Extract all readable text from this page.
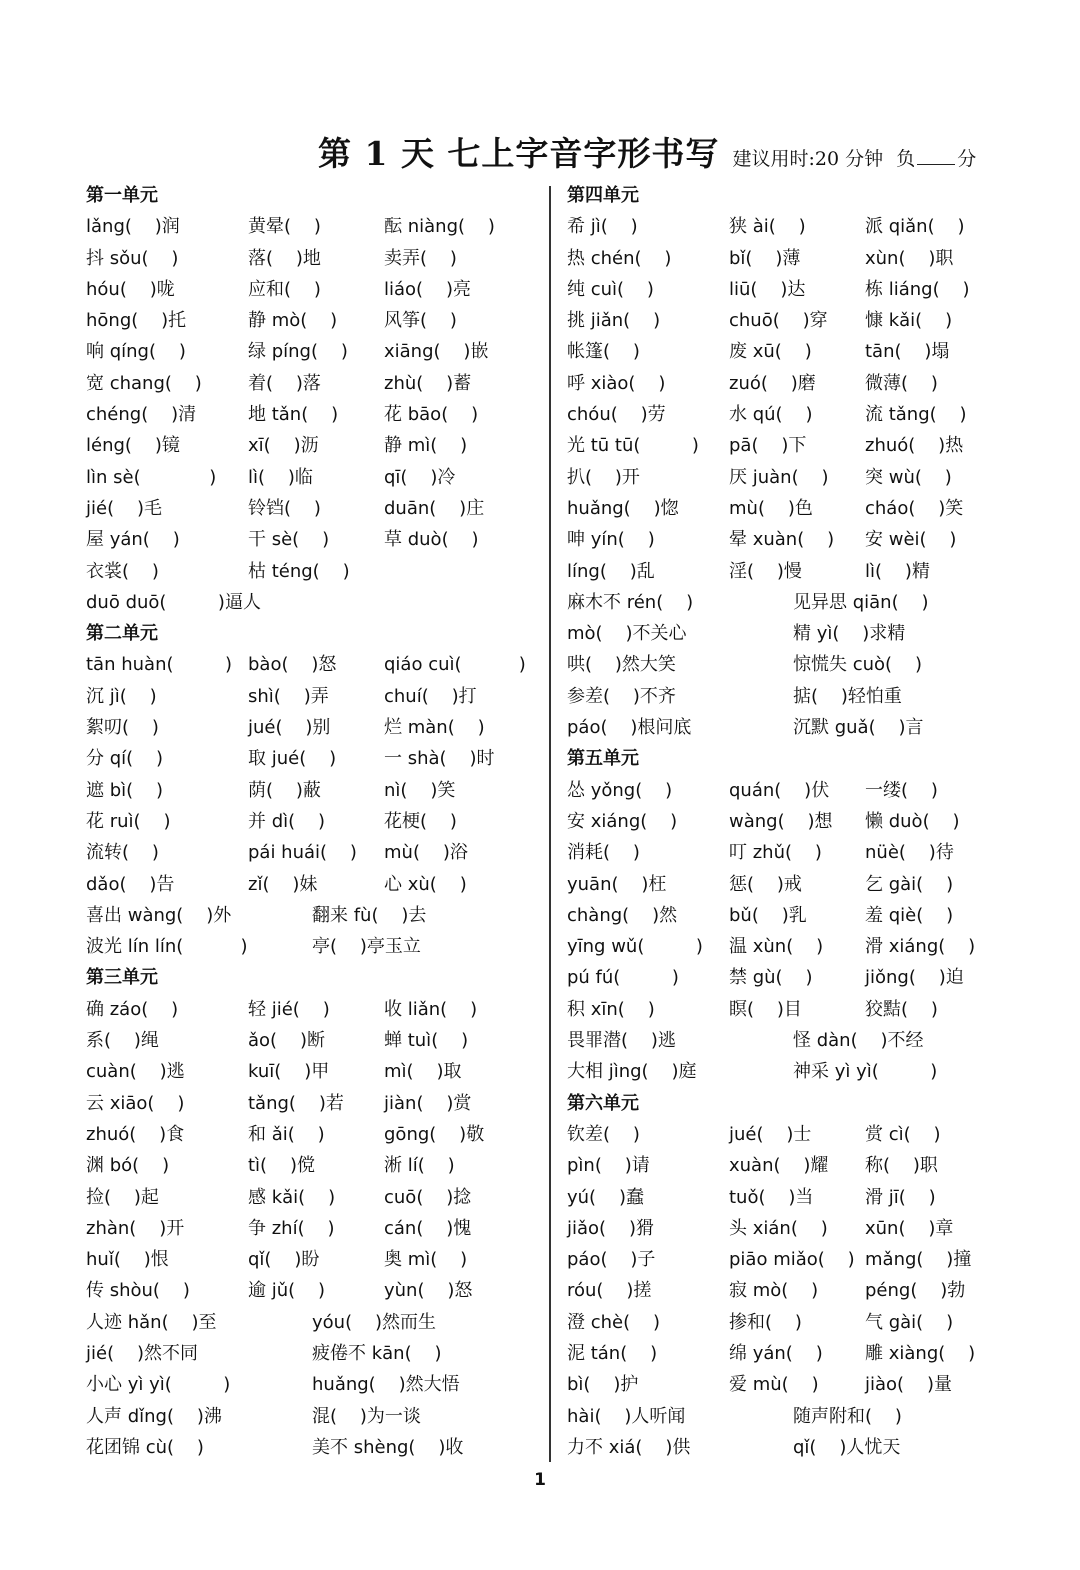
第 1 天 七上字音字形书写 建议用时:20 分钟 负 分
第一单元
lǎng(    )润	黄晕(    )	酝 niàng(    )
抖 sǒu(    )	落(    )地	卖弄(    )
hóu(    )咙	应和(    )	liáo(    )亮
hōng(    )托	静 mò(    )	风筝(    )
响 qíng(    )	绿 píng(    ) xiāng(    )嵌
宽 chang(    )	着(    )落	zhù(    )蓄
chéng(    )清	地 tǎn(    )	花 bāo(    )
léng(    )镜	xī(    )沥	静 mì(    )
lìn sè(            ) lì(    )临	qī(    )冷
jié(    )毛	铃铛(    )	duān(    )庄
屋 yán(    )	干 sè(    )	草 duò(    )
衣裳(    )	枯 téng(    )
duō duō(         )逼人
第二单元
tān huàn(         ) bào(    )怒	qiáo cuì(          )
沉 jì(    )	shì(    )弄	chuí(    )打
絮叨(    )	jué(    )别	烂 màn(    )
分 qí(    )	取 jué(    )	一 shà(    )时
遮 bì(    )	荫(    )蔽	nì(    )笑
花 ruì(    )	并 dì(    )	花梗(    )
流转(    )	pái huái(    ) mù(    )浴
dǎo(    )告	zǐ(    )妹	心 xù(    )
喜出 wàng(    )外	翻来 fù(    )去
波光 lín lín(          )	亭(    )亭玉立
第三单元
确 záo(    )	轻 jié(    )	收 liǎn(    )
系(    )绳	ǎo(    )断	蝉 tuì(    )
cuàn(    )逃	kuī(    )甲	mì(    )取
云 xiāo(    )	tǎng(    )若 jiàn(    )赏
zhuó(    )食	和 ǎi(    )	gōng(    )敬
渊 bó(    )	tì(    )傥	淅 lí(    )
捡(    )起	感 kǎi(    )	cuō(    )捻
zhàn(    )开	争 zhí(    )	cán(    )愧
huǐ(    )恨	qǐ(    )盼	奥 mì(    )
传 shòu(    )	逾 jǔ(    )	yùn(    )怒
人迹 hǎn(    )至	yóu(    )然而生
jié(    )然不同	疲倦不 kān(    )
小心 yì yì(         )	huǎng(    )然大悟
人声 dǐng(    )沸	混(    )为一谈
花团锦 cù(    )	美不 shèng(    )收
第四单元
希 jì(    )	狭 ài(    )	派 qiǎn(    )
热 chén(    )	bǐ(    )薄	xùn(    )职
纯 cuì(    )	liū(    )达	栋 liáng(    )
挑 jiǎn(    )	chuō(    )穿 慷 kǎi(    )
帐篷(    )	废 xū(    )	tān(    )塌
呼 xiào(    )	zuó(    )磨	微薄(    )
chóu(    )劳	水 qú(    )	流 tǎng(    )
光 tū tū(         ) pā(    )下	zhuó(    )热
扒(    )开	厌 juàn(    ) 突 wù(    )
huǎng(    )惚	mù(    )色	cháo(    )笑
呻 yín(    )	晕 xuàn(    ) 安 wèi(    )
líng(    )乱	淫(    )慢	lì(    )精
麻木不 rén(    )	见异思 qiān(    )
mò(    )不关心	精 yì(    )求精
哄(    )然大笑	惊慌失 cuò(    )
参差(    )不齐	掂(    )轻怕重
páo(    )根问底	沉默 guǎ(    )言
第五单元
怂 yǒng(    )	quán(    )伏 一缕(    )
安 xiáng(    )	wàng(    )想 懒 duò(    )
消耗(    )	叮 zhǔ(    ) nüè(    )待
yuān(    )枉	惩(    )戒	乞 gài(    )
chàng(    )然	bǔ(    )乳	羞 qiè(    )
yīng wǔ(         ) 温 xùn(    ) 滑 xiáng(    )
pú fú(         )	禁 gù(    )	jiǒng(    )迫
积 xīn(    )	瞑(    )目	狡黠(    )
畏罪潜(    )逃	怪 dàn(    )不经
大相 jìng(    )庭	神采 yì yì(         )
第六单元
钦差(    )	jué(    )士	赏 cì(    )
pìn(    )请	xuàn(    )耀 称(    )职
yú(    )蠢	tuǒ(    )当	滑 jī(    )
jiǎo(    )猾	头 xián(    ) xūn(    )章
páo(    )子	piāo miǎo(    ) mǎng(    )撞
róu(    )搓	寂 mò(    )	péng(    )勃
澄 chè(    )	掺和(    )	气 gài(    )
泥 tán(    )	绵 yán(    ) 雕 xiàng(    )
bì(    )护	爱 mù(    )	jiào(    )量
hài(    )人听闻	随声附和(    )
力不 xiá(    )供	qǐ(    )人忧天
1
